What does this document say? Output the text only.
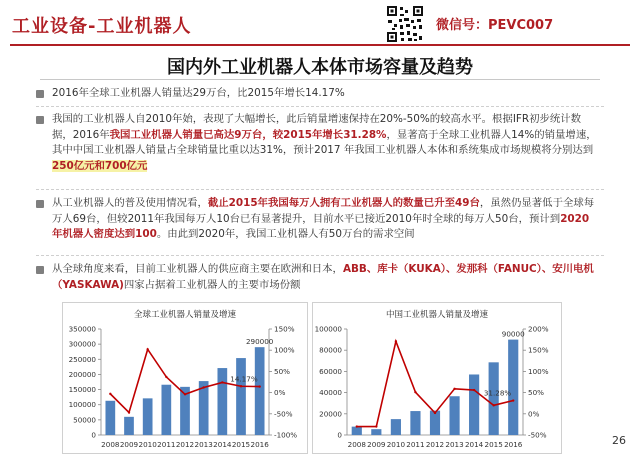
工业设备-工业机器人	微信号：PEVC007
国内外工业机器人本体市场容量及趋势
2016年全球工业机器人销量达29万台，比2015年增长14.17%
我国的工业机器人自2010年始，表现了大幅增长，此后销量增速保持在20%-50%的较高水平。根据IFR初步统计数据，2016年我国工业机器人销量已高达9万台，较2015年增长31.28%，显著高于全球工业机器人14%的销量增速，其中中国工业机器人销量占全球销量比重以达31%，预计2017 年我国工业机器人本体和系统集成市场规模将分别达到250亿元和700亿元
从工业机器人的普及使用情况看，截止2015年我国每万人拥有工业机器人的数量已升至49台，虽然仍显著低于全球每万人69台，但较2011年我国每万人10台已有显著提升，目前水平已接近2010年时全球的每万人50台，预计到2020 年机器人密度达到100。由此到2020年，我国工业机器人有50万台的需求空间
从全球角度来看，目前工业机器人的供应商主要在欧洲和日本，ABB、库卡（KUKA）、发那科（FANUC）、安川电机（YASKAWA)四家占据着工业机器人的主要市场份额
全球工业机器人销量及增速
0
50000
100000
150000
200000
250000
300000
350000
-100%
-50%
0%
50%
100%
150%
2008 2009 2010 2011 2012 2013 2014 2015 2016
290000
14.17%
中国工业机器人销量及增速
0
20000
40000
60000
80000
100000
-50%
0%
50%
100%
150%
200%
2008 2009 2010 2011 2012 2013 2014 2015 2016
90000
31.28%
26
